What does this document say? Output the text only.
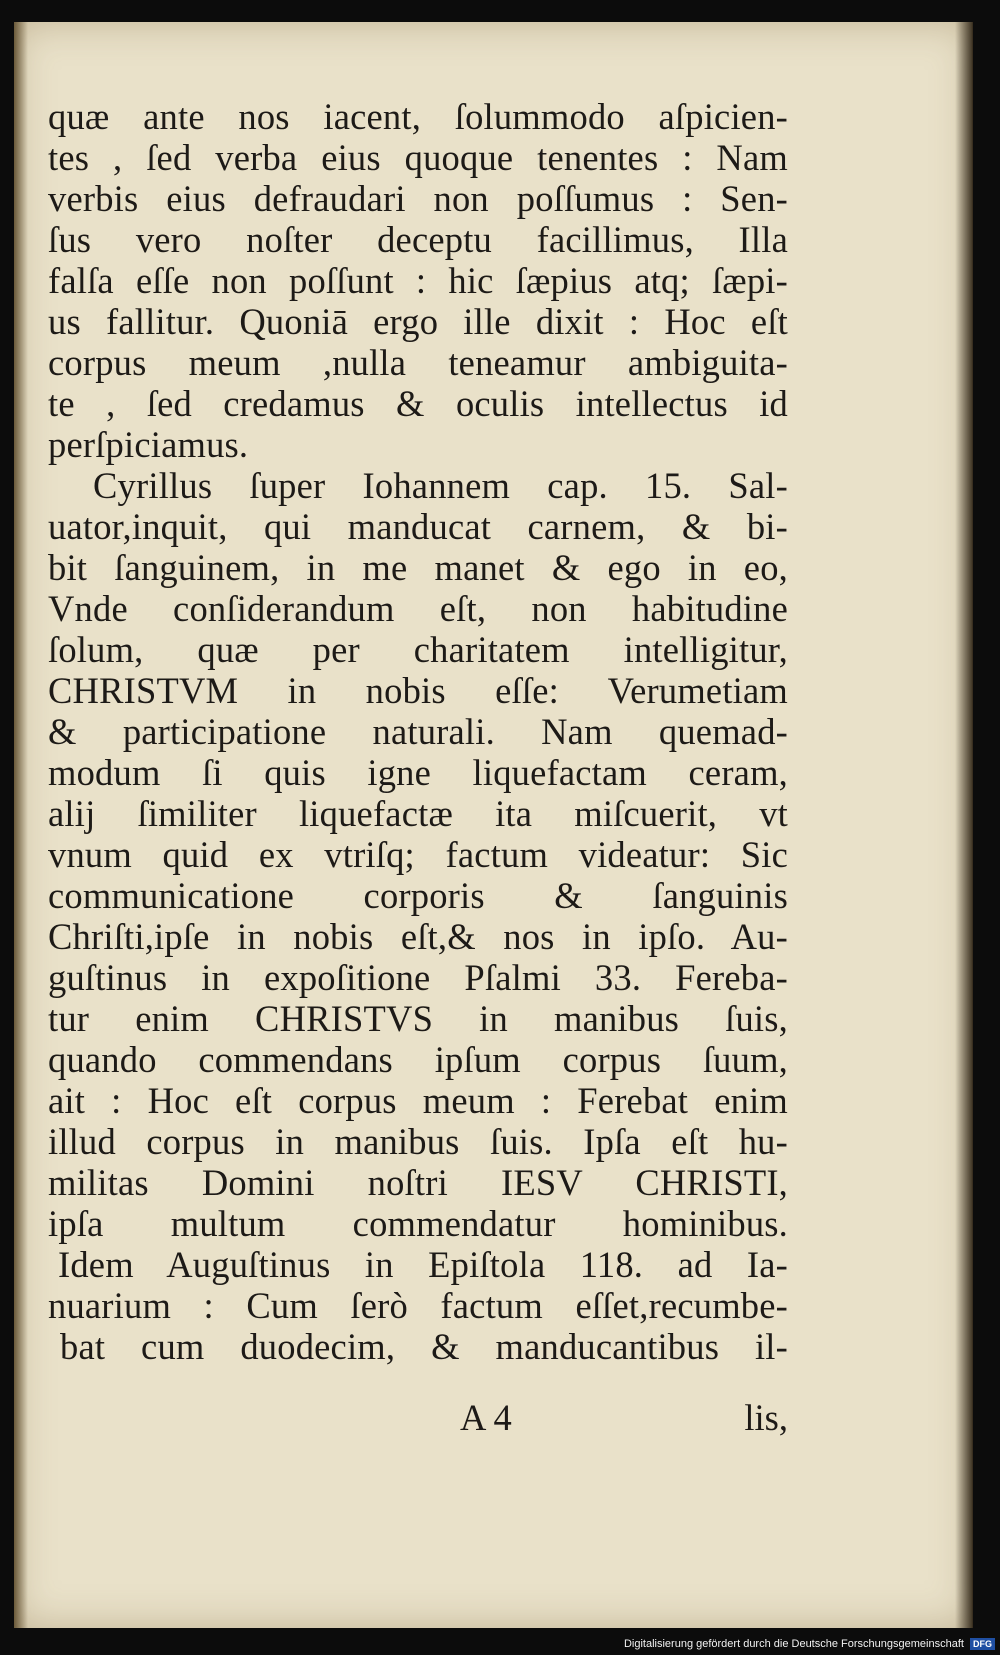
quæ ante nos iacent, ſolummodo aſpicien-
tes , ſed verba eius quoque tenentes : Nam
verbis eius defraudari non poſſumus : Sen-
ſus vero noſter deceptu facillimus, Illa
falſa eſſe non poſſunt : hic ſæpius atq; ſæpi-
us fallitur. Quoniā ergo ille dixit : Hoc eſt
corpus meum ,nulla teneamur ambiguita-
te , ſed credamus & oculis intellectus id
perſpiciamus.
Cyrillus ſuper Iohannem cap. 15. Sal-
uator,inquit, qui manducat carnem, & bi-
bit ſanguinem, in me manet & ego in eo,
Vnde conſiderandum eſt, non habitudine
ſolum, quæ per charitatem intelligitur,
CHRISTVM in nobis eſſe: Verumetiam
& participatione naturali. Nam quemad-
modum ſi quis igne liquefactam ceram,
alij ſimiliter liquefactæ ita miſcuerit, vt
vnum quid ex vtriſq; factum videatur: Sic
communicatione corporis & ſanguinis
Chriſti,ipſe in nobis eſt,& nos in ipſo. Au-
guſtinus in expoſitione Pſalmi 33. Fereba-
tur enim CHRISTVS in manibus ſuis,
quando commendans ipſum corpus ſuum,
ait : Hoc eſt corpus meum : Ferebat enim
illud corpus in manibus ſuis. Ipſa eſt hu-
militas Domini noſtri IESV CHRISTI,
ipſa multum commendatur hominibus.
Idem Auguſtinus in Epiſtola 118. ad Ia-
nuarium : Cum ſerò factum eſſet,recumbe-
bat cum duodecim, & manducantibus il-
A 4	lis,
Digitalisierung gefördert durch die Deutsche Forschungsgemeinschaft DFG
